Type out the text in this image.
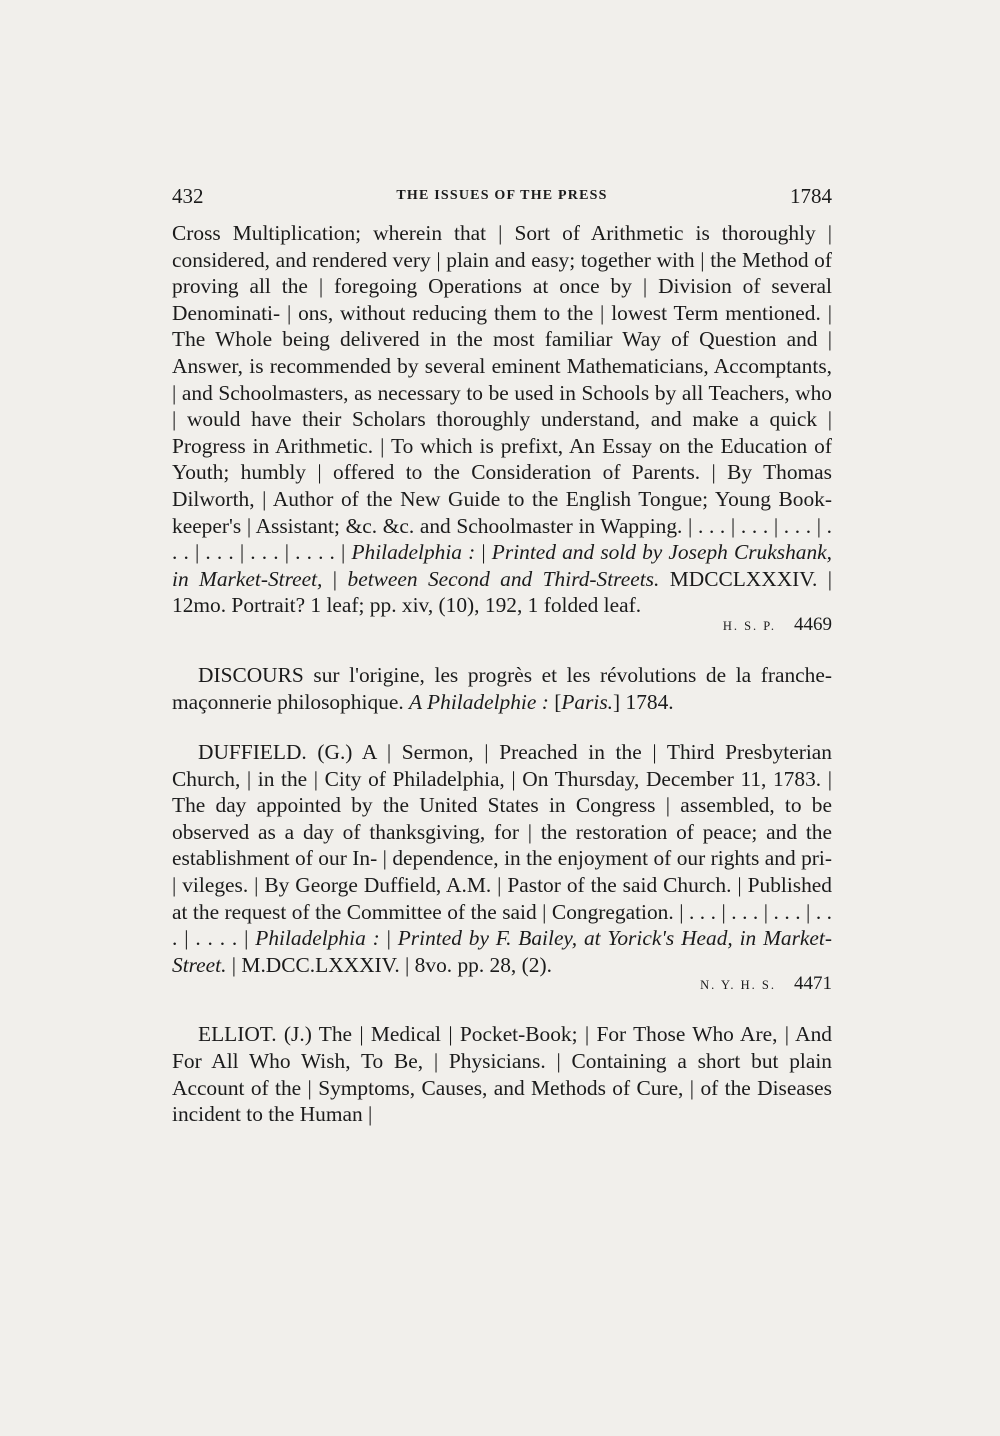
432	THE ISSUES OF THE PRESS	1784

Cross Multiplication; wherein that | Sort of Arithmetic is thoroughly | considered, and rendered very | plain and easy; together with | the Method of proving all the | foregoing Operations at once by | Division of several Denominati- | ons, without reducing them to the | lowest Term mentioned. | The Whole being delivered in the most familiar Way of Question and | Answer, is recommended by several eminent Mathematicians, Accomptants, | and Schoolmasters, as necessary to be used in Schools by all Teachers, who | would have their Scholars thoroughly understand, and make a quick | Progress in Arithmetic. | To which is prefixt, An Essay on the Education of Youth; humbly | offered to the Consideration of Parents. | By Thomas Dilworth, | Author of the New Guide to the English Tongue; Young Book-keeper's | Assistant; &c. &c. and Schoolmaster in Wapping. | . . . | . . . | . . . | . . . | . . . | . . . | . . . . | Philadelphia : | Printed and sold by Joseph Crukshank, in Market-Street, | between Second and Third-Streets. MDCCLXXXIV. | 12mo. Portrait? 1 leaf; pp. xiv, (10), 192, 1 folded leaf.

H. S. P. 4469

DISCOURS sur l'origine, les progrès et les révolutions de la franche-maçonnerie philosophique. A Philadelphie : [Paris.] 1784.

DUFFIELD. (G.) A | Sermon, | Preached in the | Third Presbyterian Church, | in the | City of Philadelphia, | On Thursday, December 11, 1783. | The day appointed by the United States in Congress | assembled, to be observed as a day of thanksgiving, for | the restoration of peace; and the establishment of our In- | dependence, in the enjoyment of our rights and pri- | vileges. | By George Duffield, A.M. | Pastor of the said Church. | Published at the request of the Committee of the said | Congregation. | . . . | . . . | . . . | . . . | . . . . | Philadelphia : | Printed by F. Bailey, at Yorick's Head, in Market-Street. | M.DCC.LXXXIV. | 8vo. pp. 28, (2).

N. Y. H. S. 4471

ELLIOT. (J.) The | Medical | Pocket-Book; | For Those Who Are, | And For All Who Wish, To Be, | Physicians. | Containing a short but plain Account of the | Symptoms, Causes, and Methods of Cure, | of the Diseases incident to the Human |
